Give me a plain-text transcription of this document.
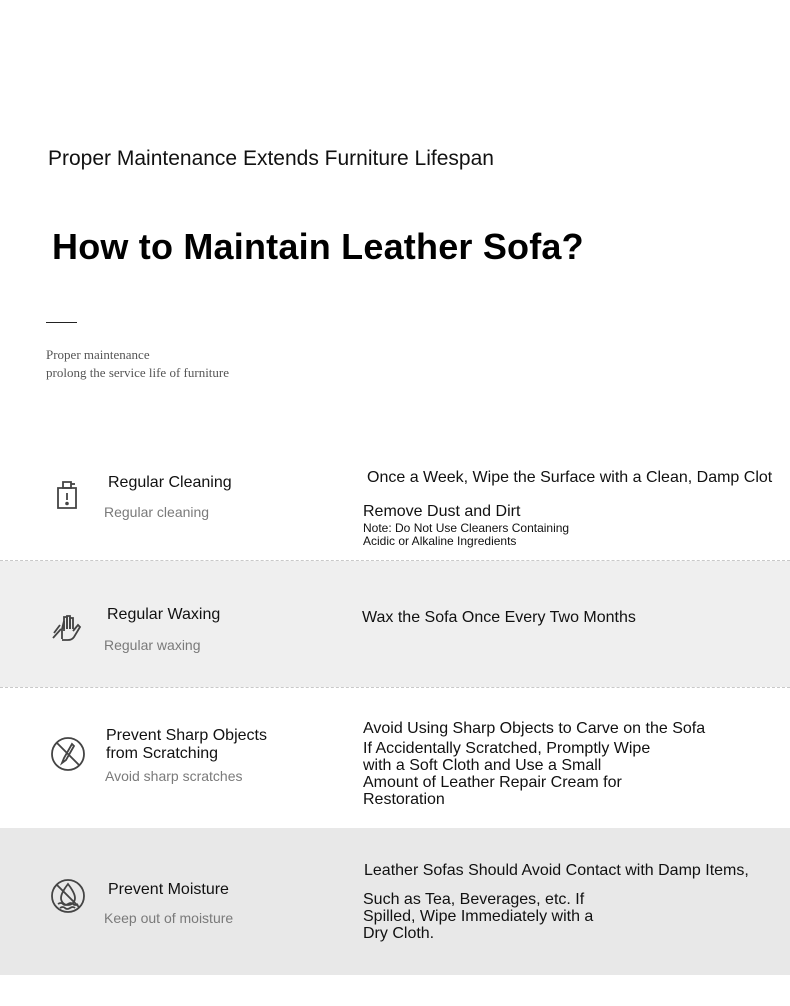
Proper Maintenance Extends Furniture Lifespan
How to Maintain Leather Sofa?
Proper maintenance
prolong the service life of furniture
Regular Cleaning
Regular cleaning
Once a Week, Wipe the Surface with a Clean, Damp Clot
Remove Dust and Dirt
Note: Do Not Use Cleaners Containing
Acidic or Alkaline Ingredients
Regular Waxing
Regular waxing
Wax the Sofa Once Every Two Months
Prevent Sharp Objects
from Scratching
Avoid sharp scratches
Avoid Using Sharp Objects to Carve on the Sofa
If Accidentally Scratched, Promptly Wipe
with a Soft Cloth and Use a Small
Amount of Leather Repair Cream for
Restoration
Prevent Moisture
Keep out of moisture
Leather Sofas Should Avoid Contact with Damp Items,
Such as Tea, Beverages, etc. If
Spilled, Wipe Immediately with a
Dry Cloth.
